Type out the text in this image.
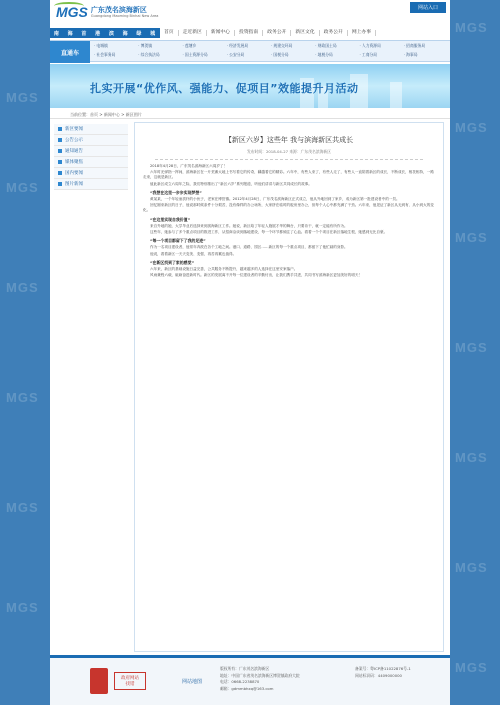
MGS
MGS
MGS
MGS
MGS
MGS
MGS
MGS
MGS
MGS
MGS
MGS
MGS
MGS 广东茂名滨海新区
Guangdong Maoming Binhai New Area
网站入口
南 海 首 港 滨 海 绿 城	首页	走近新区	新闻中心	投资指南	政务公开	新区文化	政务公开	网上办事
直通车
· 电城镇	· 博贺镇	· 莲塘乡	· 经济发展局	· 规建交环局	· 财政国土局	· 人力资源局	· 招商服务局
· 社会事务局	· 综合执法局	· 国土资源分局	· 公安分局	· 国税分局	· 地税分局	· 工商分局	· 海事局
扎实开展“优作风、强能力、促项目”效能提升月活动
当前位置：首页 > 新闻中心 > 新区图片
新区要闻
公告公示
通知通告
媒体聚焦
国内要闻
图片新闻
【新区六岁】这些年 我与滨海新区共成长
发布时间：2018-04-27 来源：广东茂名滨海新区

2018年4月28日，广东茂名滨海新区六周岁了！

六年时光弹指一挥间，滨海新区在一片荒滩大地上书写着它的传奇，翻越着它的精彩。六年中，有些人来了，有些人走了，有些人一直陪着新区的成长，不断成长，相扶相持，一路走来，这就是新区。

值此新区成立六周年之际，我们特别推出了“新区六岁”系列报道，听他们讲讲与新区共同成长的故事。

“我想在这里一步步实现梦想”

黄某某，一个年轻而质朴的小伙子，老家在博贺镇。2012年4月28日，广东茂名滨海新区正式成立，他从外地回到了家乡，成为新区第一批建设者中的一员。

回忆刚来新区的日子，他说那时候条件十分艰苦，没有像样的办公场所，大家挤在临时的板房里办公，但每个人心中都充满了干劲。六年来，他见证了新区从无到有、从小到大的变化。

“在这里实现自我价值”

来自外地的她，大学毕业后选择来到滨海新区工作。她说，新区给了年轻人施展才华的舞台，只要肯干，就一定能有所作为。

这些年，她参与了多个重点项目的推进工作，从招商洽谈到落地建设，每一个环节都倾注了心血。看着一个个项目在新区落地生根，她感到无比自豪。

“每一个项目都留下了我的足迹”

作为一名项目建设者，他常年奔波在各个工地之间。港口、道路、园区……新区的每一个重点项目，都留下了他忙碌的身影。

他说，看着新区一天天变美、变强，再苦再累也值得。

“在新区找到了家的感觉”

六年来，新区的基础设施日益完善，公共服务不断提升，越来越多的人选择在这里安家落户。

风雨兼程六载，砥砺奋进新时代。新区的发展离不开每一位建设者的辛勤付出，让我们携手共进，共同书写滨海新区更加美好的明天！

政府网站
找错	网站地图
版权所有：广东茂名滨海新区
地址：中国广东省茂名滨海新区博贺镇政府大院
电话：0668-2238870
邮箱：gdmmbhxq@163.com
备案号：粤ICP备11022876号-1
网站标识码：4409000000
